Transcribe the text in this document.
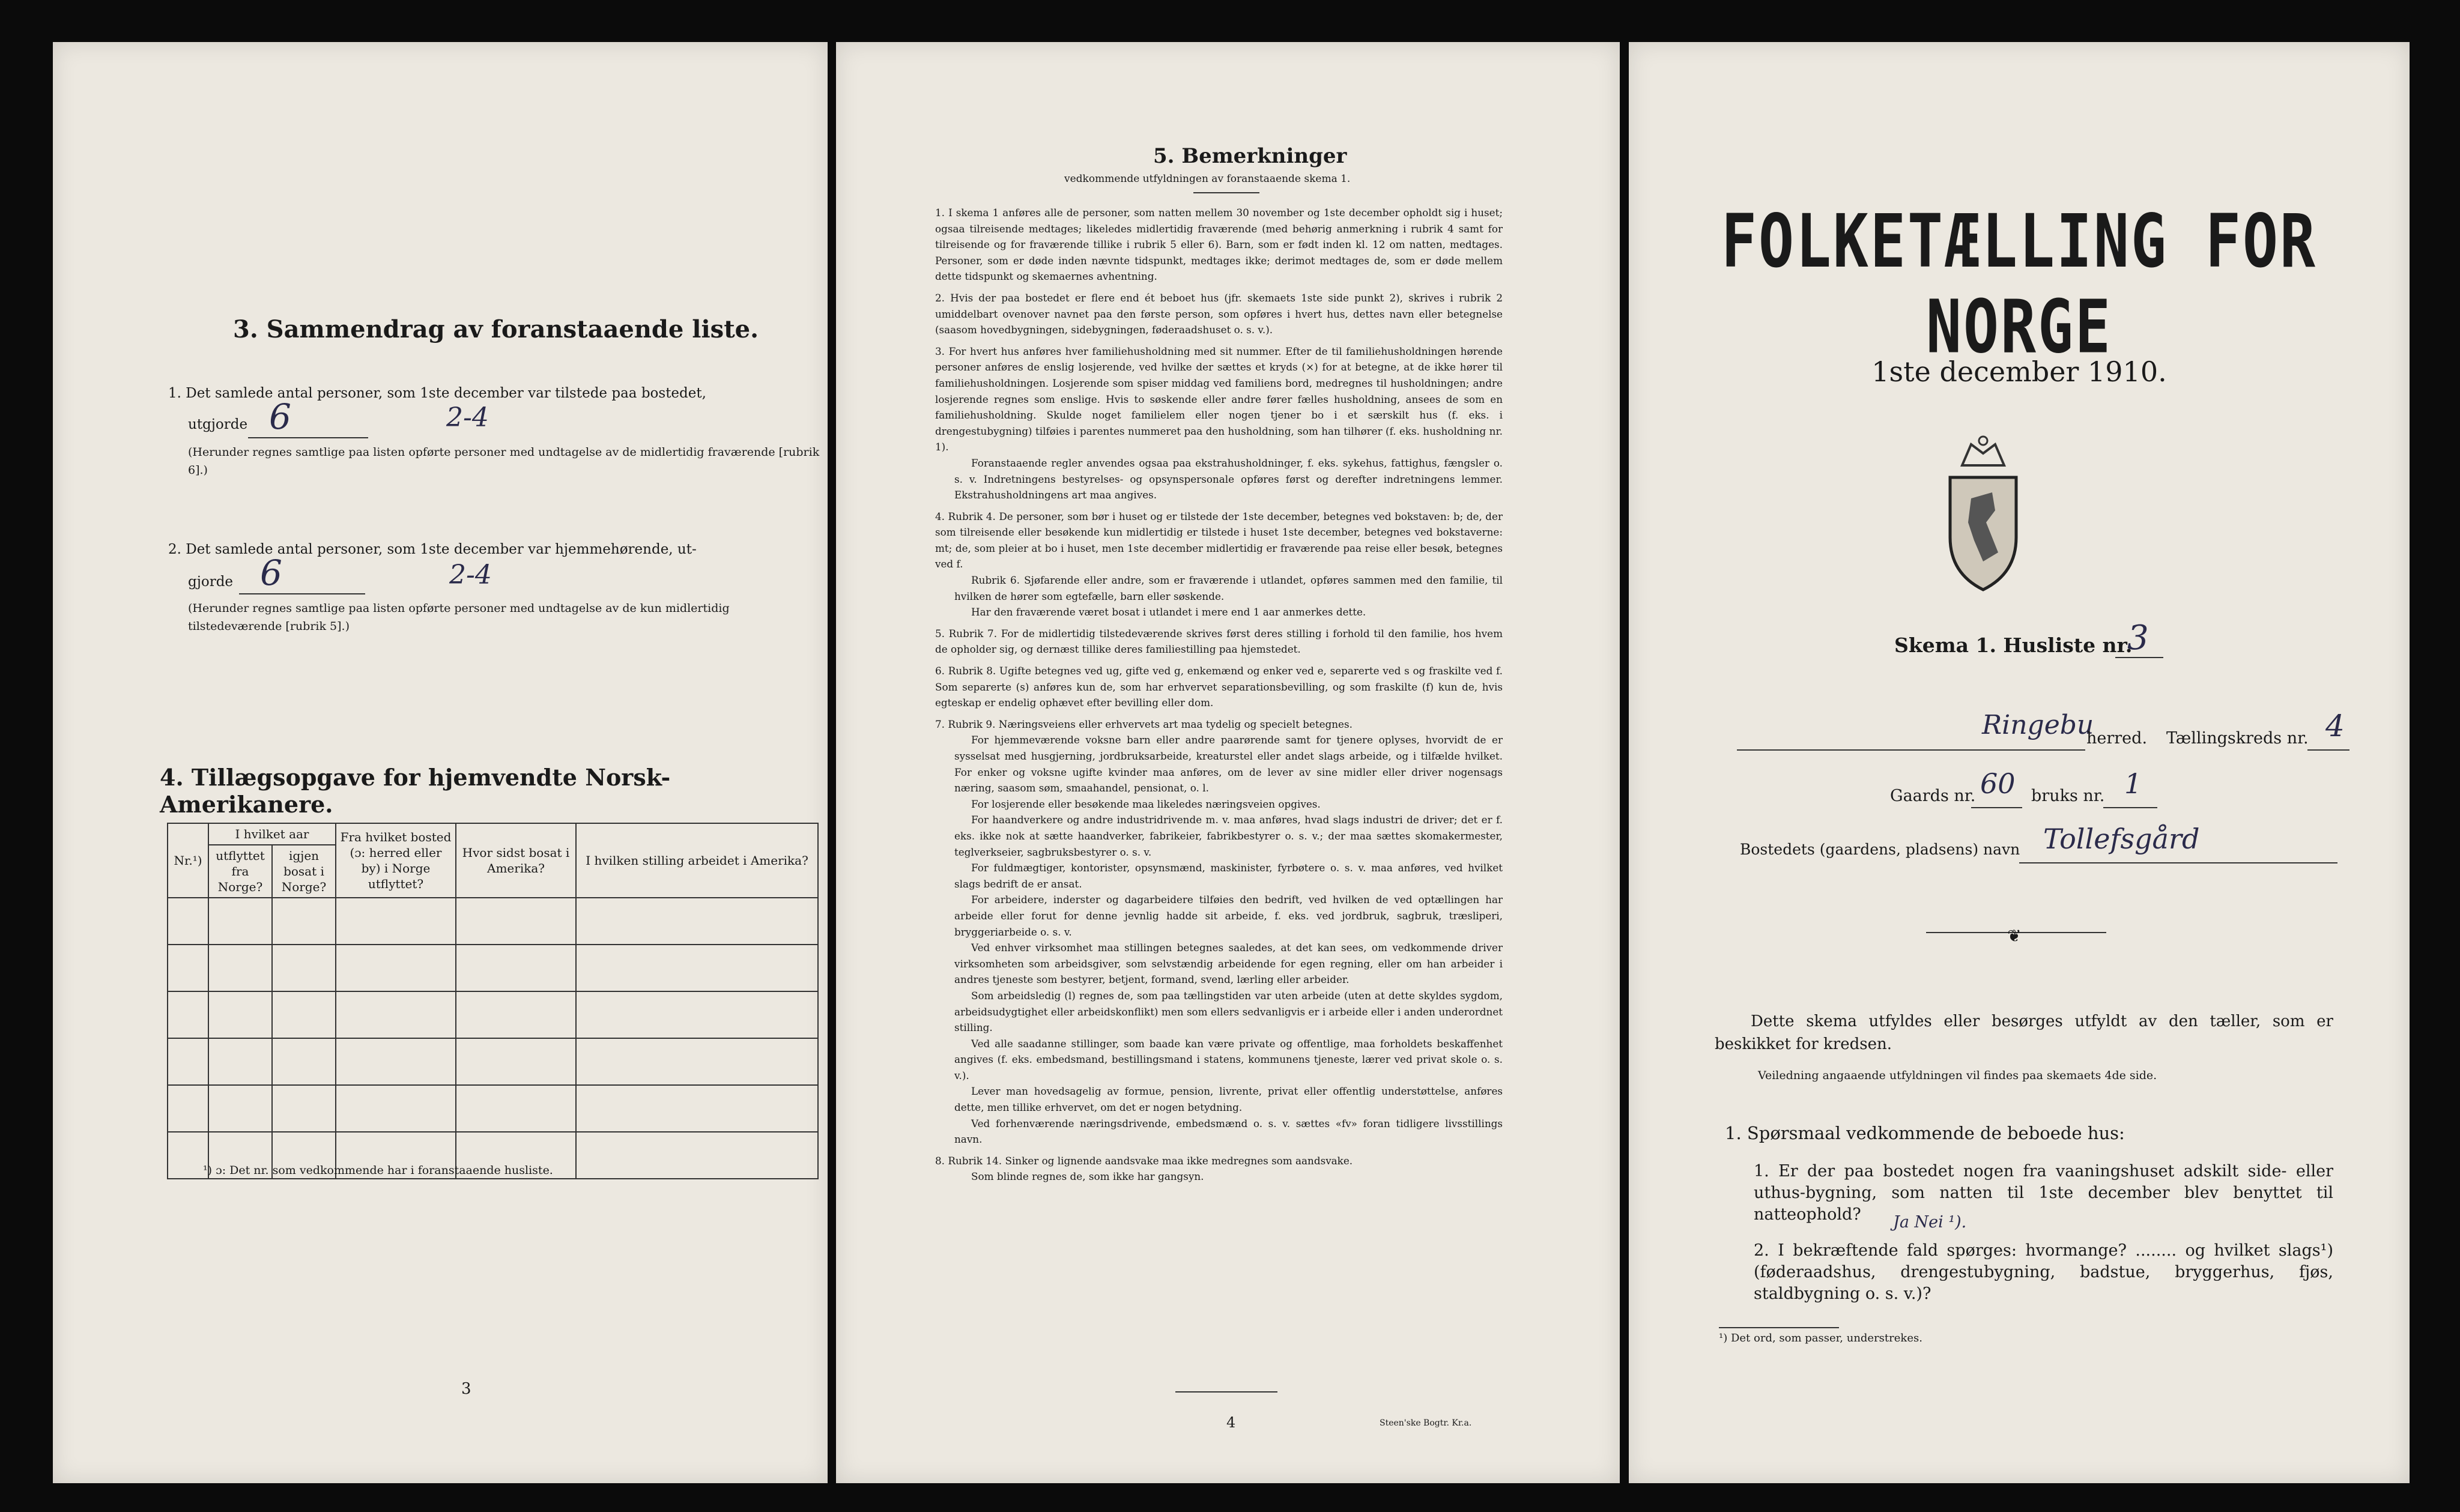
3. Sammendrag av foranstaaende liste.
1. Det samlede antal personer, som 1ste december var tilstede paa bostedet,
utgjorde 6	2-4
(Herunder regnes samtlige paa listen opførte personer med undtagelse av de midlertidig fraværende [rubrik 6].)
2. Det samlede antal personer, som 1ste december var hjemmehørende, ut-
gjorde 6	2-4
(Herunder regnes samtlige paa listen opførte personer med undtagelse av de kun midlertidig tilstedeværende [rubrik 5].)
4. Tillægsopgave for hjemvendte Norsk-Amerikanere.
Nr.¹)	I hvilket aar		Fra hvilket bosted (ɔ: herred eller by) i Norge utflyttet?	Hvor sidst bosat i Amerika?	I hvilken stilling arbeidet i Amerika?
	utflyttet fra Norge?	igjen bosat i Norge?			

¹) ɔ: Det nr. som vedkommende har i foranstaaende husliste.
3
5. Bemerkninger
vedkommende utfyldningen av foranstaaende skema 1.
1. I skema 1 anføres alle de personer, som natten mellem 30 november og 1ste december opholdt sig i huset; ogsaa tilreisende medtages; likeledes midlertidig fraværende (med behørig anmerkning i rubrik 4 samt for tilreisende og for fraværende tillike i rubrik 5 eller 6). Barn, som er født inden kl. 12 om natten, medtages. Personer, som er døde inden nævnte tidspunkt, medtages ikke; derimot medtages de, som er døde mellem dette tidspunkt og skemaernes avhentning.
2. Hvis der paa bostedet er flere end ét beboet hus (jfr. skemaets 1ste side punkt 2), skrives i rubrik 2 umiddelbart ovenover navnet paa den første person, som opføres i hvert hus, dettes navn eller betegnelse (saasom hovedbygningen, sidebygningen, føderaadshuset o. s. v.).
3. For hvert hus anføres hver familiehusholdning med sit nummer. Efter de til familiehusholdningen hørende personer anføres de enslig losjerende, ved hvilke der sættes et kryds (×) for at betegne, at de ikke hører til familiehusholdningen. Losjerende som spiser middag ved familiens bord, medregnes til husholdningen; andre losjerende regnes som enslige. Hvis to søskende eller andre fører fælles husholdning, ansees de som en familiehusholdning. Skulde noget familielem eller nogen tjener bo i et særskilt hus (f. eks. i drengestubygning) tilføies i parentes nummeret paa den husholdning, som han tilhører (f. eks. husholdning nr. 1).
Foranstaaende regler anvendes ogsaa paa ekstrahusholdninger, f. eks. sykehus, fattighus, fængsler o. s. v. Indretningens bestyrelses- og opsynspersonale opføres først og derefter indretningens lemmer. Ekstrahusholdningens art maa angives.
4. Rubrik 4. De personer, som bør i huset og er tilstede der 1ste december, betegnes ved bokstaven: b; de, der som tilreisende eller besøkende kun midlertidig er tilstede i huset 1ste december, betegnes ved bokstaverne: mt; de, som pleier at bo i huset, men 1ste december midlertidig er fraværende paa reise eller besøk, betegnes ved f.
Rubrik 6. Sjøfarende eller andre, som er fraværende i utlandet, opføres sammen med den familie, til hvilken de hører som egtefælle, barn eller søskende.
Har den fraværende været bosat i utlandet i mere end 1 aar anmerkes dette.
5. Rubrik 7. For de midlertidig tilstedeværende skrives først deres stilling i forhold til den familie, hos hvem de opholder sig, og dernæst tillike deres familiestilling paa hjemstedet.
6. Rubrik 8. Ugifte betegnes ved ug, gifte ved g, enkemænd og enker ved e, separerte ved s og fraskilte ved f. Som separerte (s) anføres kun de, som har erhvervet separationsbevilling, og som fraskilte (f) kun de, hvis egteskap er endelig ophævet efter bevilling eller dom.
7. Rubrik 9. Næringsveiens eller erhvervets art maa tydelig og specielt betegnes.
For hjemmeværende voksne barn eller andre paarørende samt for tjenere oplyses, hvorvidt de er sysselsat med husgjerning, jordbruksarbeide, kreaturstel eller andet slags arbeide, og i tilfælde hvilket. For enker og voksne ugifte kvinder maa anføres, om de lever av sine midler eller driver nogensags næring, saasom søm, smaahandel, pensionat, o. l.
For losjerende eller besøkende maa likeledes næringsveien opgives.
For haandverkere og andre industridrivende m. v. maa anføres, hvad slags industri de driver; det er f. eks. ikke nok at sætte haandverker, fabrikeier, fabrikbestyrer o. s. v.; der maa sættes skomakermester, teglverkseier, sagbruksbestyrer o. s. v.
For fuldmægtiger, kontorister, opsynsmænd, maskinister, fyrbøtere o. s. v. maa anføres, ved hvilket slags bedrift de er ansat.
For arbeidere, inderster og dagarbeidere tilføies den bedrift, ved hvilken de ved optællingen har arbeide eller forut for denne jevnlig hadde sit arbeide, f. eks. ved jordbruk, sagbruk, træsliperi, bryggeriarbeide o. s. v.
Ved enhver virksomhet maa stillingen betegnes saaledes, at det kan sees, om vedkommende driver virksomheten som arbeidsgiver, som selvstændig arbeidende for egen regning, eller om han arbeider i andres tjeneste som bestyrer, betjent, formand, svend, lærling eller arbeider.
Som arbeidsledig (l) regnes de, som paa tællingstiden var uten arbeide (uten at dette skyldes sygdom, arbeidsudygtighet eller arbeidskonflikt) men som ellers sedvanligvis er i arbeide eller i anden underordnet stilling.
Ved alle saadanne stillinger, som baade kan være private og offentlige, maa forholdets beskaffenhet angives (f. eks. embedsmand, bestillingsmand i statens, kommunens tjeneste, lærer ved privat skole o. s. v.).
Lever man hovedsagelig av formue, pension, livrente, privat eller offentlig understøttelse, anføres dette, men tillike erhvervet, om det er nogen betydning.
Ved forhenværende næringsdrivende, embedsmænd o. s. v. sættes «fv» foran tidligere livsstillings navn.
8. Rubrik 14. Sinker og lignende aandsvake maa ikke medregnes som aandsvake.
Som blinde regnes de, som ikke har gangsyn.
4	Steen'ske Bogtr. Kr.a.
FOLKETÆLLING FOR NORGE
1ste december 1910.
Skema 1. Husliste nr.
3
Ringebu
herred. Tællingskreds nr. 4
Gaards nr. 60 bruks nr. 1
Bostedets (gaardens, pladsens) navn Tollefsgård
❦
Dette skema utfyldes eller besørges utfyldt av den tæller, som er beskikket for kredsen.
Veiledning angaaende utfyldningen vil findes paa skemaets 4de side.
1. Spørsmaal vedkommende de beboede hus:
1. Er der paa bostedet nogen fra vaaningshuset adskilt side- eller uthus-bygning, som natten til 1ste december blev benyttet til natteophold?	Ja Nei ¹).
2. I bekræftende fald spørges: hvormange? ........ og hvilket slags¹) (føderaadshus, drengestubygning, badstue, bryggerhus, fjøs, staldbygning o. s. v.)?
¹) Det ord, som passer, understrekes.
